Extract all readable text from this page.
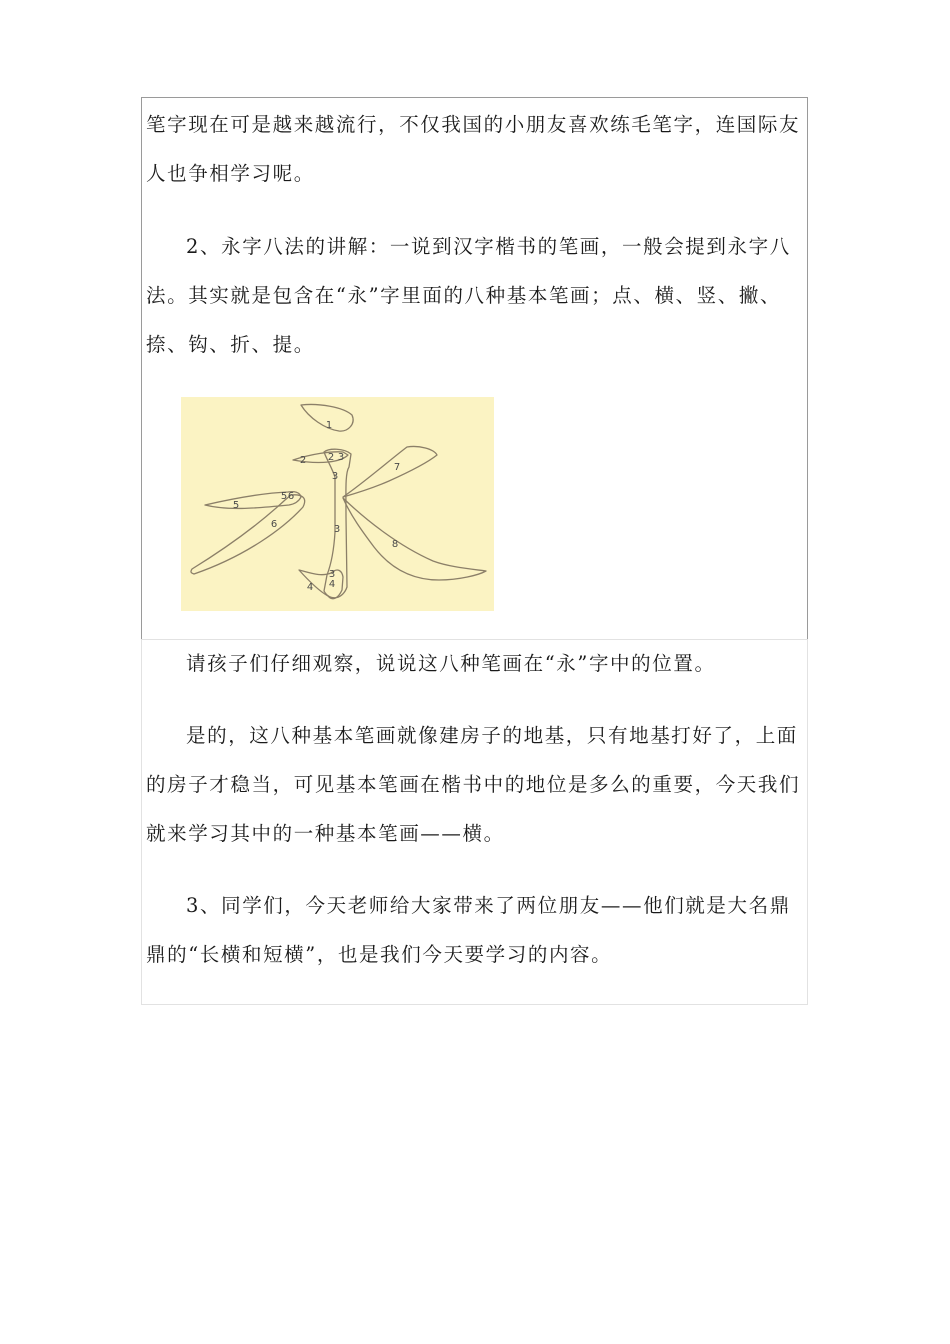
笔字现在可是越来越流行，不仅我国的小朋友喜欢练毛笔字，连国际友人也争相学习呢。

2、永字八法的讲解：一说到汉字楷书的笔画，一般会提到永字八法。其实就是包含在“永”字里面的八种基本笔画；点、横、竖、撇、捺、钩、折、提。

1
2 2 3
3
3
3
4
4
5
5 6
6
7
8

请孩子们仔细观察，说说这八种笔画在“永”字中的位置。

是的，这八种基本笔画就像建房子的地基，只有地基打好了，上面的房子才稳当，可见基本笔画在楷书中的地位是多么的重要，今天我们就来学习其中的一种基本笔画——横。

3、同学们，今天老师给大家带来了两位朋友——他们就是大名鼎鼎的“长横和短横”，也是我们今天要学习的内容。
